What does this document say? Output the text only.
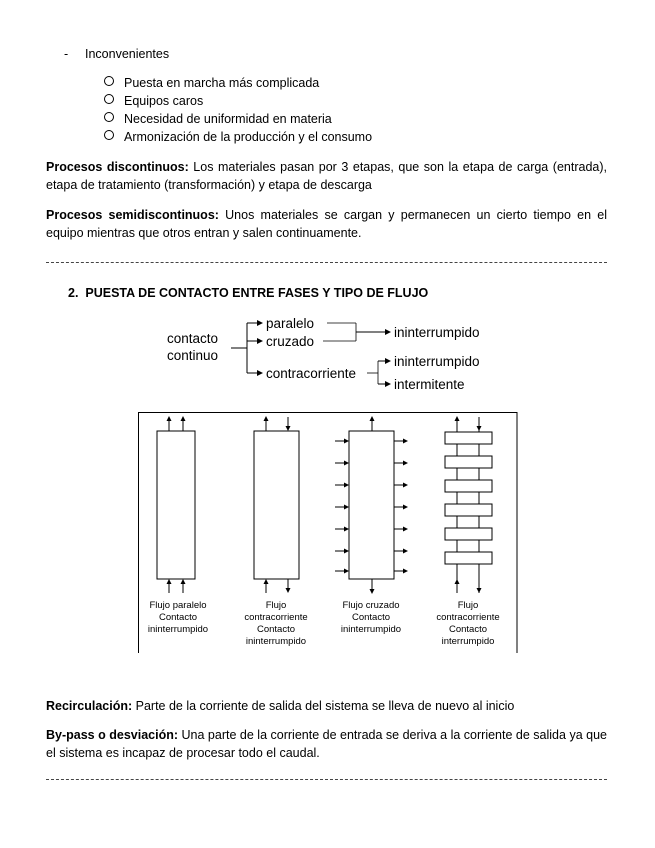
- Inconvenientes
Puesta en marcha más complicada
Equipos caros
Necesidad de uniformidad en materia
Armonización de la producción y el consumo
Procesos discontinuos: Los materiales pasan por 3 etapas, que son la etapa de carga (entrada), etapa de tratamiento (transformación) y etapa de descarga
Procesos semidiscontinuos: Unos materiales se cargan y permanecen un cierto tiempo en el equipo mientras que otros entran y salen continuamente.
2. PUESTA DE CONTACTO ENTRE FASES Y TIPO DE FLUJO
contacto
continuo
paralelo
cruzado
contracorriente
ininterrumpido
ininterrumpido
intermitente
Flujo paralelo
Contacto
ininterrumpido
Flujo
contracorriente
Contacto
ininterrumpido
Flujo cruzado
Contacto
ininterrumpido
Flujo
contracorriente
Contacto
interrumpido
Recirculación: Parte de la corriente de salida del sistema se lleva de nuevo al inicio
By-pass o desviación: Una parte de la corriente de entrada se deriva a la corriente de salida ya que el sistema es incapaz de procesar todo el caudal.
